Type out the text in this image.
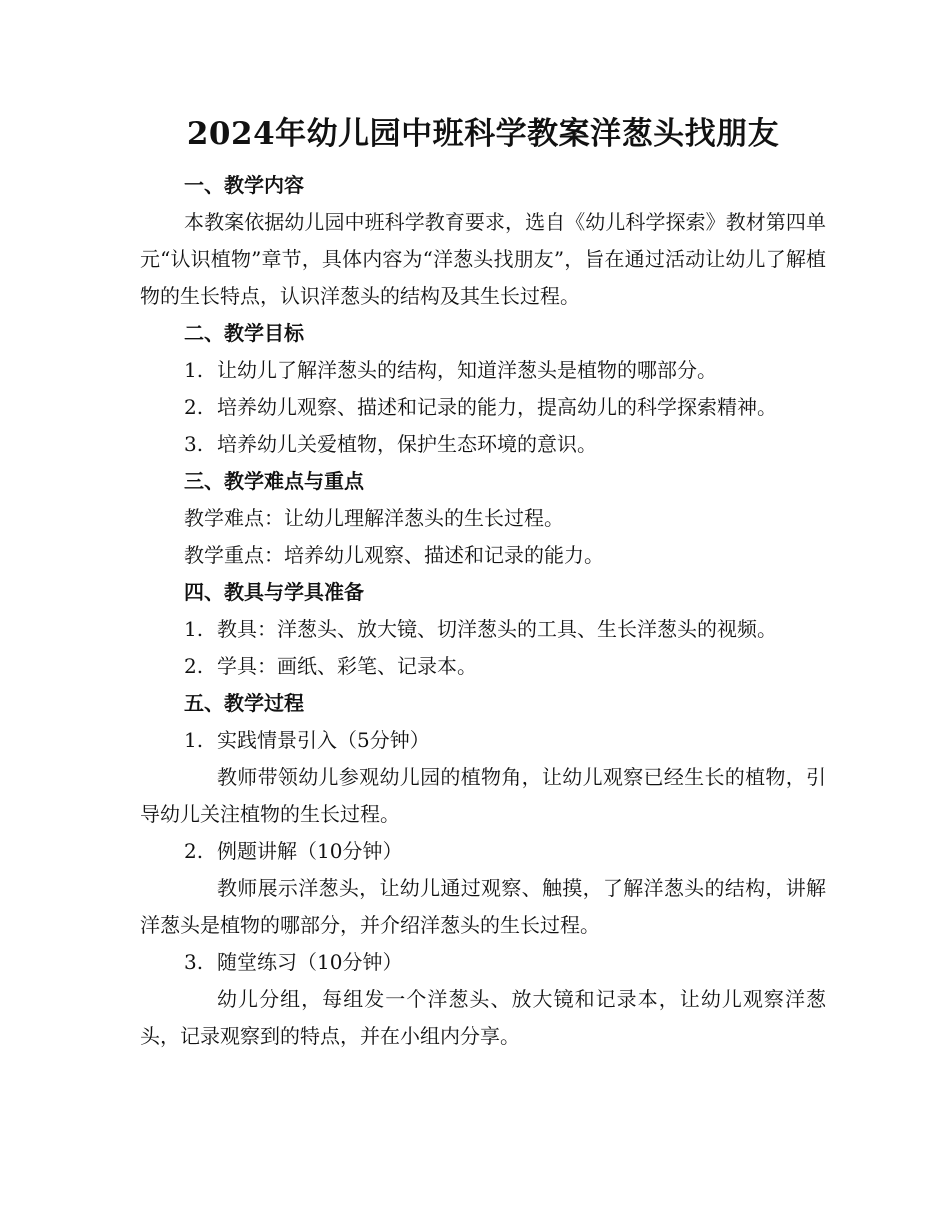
2024年幼儿园中班科学教案洋葱头找朋友

一、教学内容

本教案依据幼儿园中班科学教育要求，选自《幼儿科学探索》教材第四单元“认识植物”章节，具体内容为“洋葱头找朋友”，旨在通过活动让幼儿了解植物的生长特点，认识洋葱头的结构及其生长过程。

二、教学目标

1. 让幼儿了解洋葱头的结构，知道洋葱头是植物的哪部分。

2. 培养幼儿观察、描述和记录的能力，提高幼儿的科学探索精神。

3. 培养幼儿关爱植物，保护生态环境的意识。

三、教学难点与重点

教学难点：让幼儿理解洋葱头的生长过程。

教学重点：培养幼儿观察、描述和记录的能力。

四、教具与学具准备

1. 教具：洋葱头、放大镜、切洋葱头的工具、生长洋葱头的视频。

2. 学具：画纸、彩笔、记录本。

五、教学过程

1. 实践情景引入（5分钟）

教师带领幼儿参观幼儿园的植物角，让幼儿观察已经生长的植物，引导幼儿关注植物的生长过程。

2. 例题讲解（10分钟）

教师展示洋葱头，让幼儿通过观察、触摸，了解洋葱头的结构，讲解洋葱头是植物的哪部分，并介绍洋葱头的生长过程。

3. 随堂练习（10分钟）

幼儿分组，每组发一个洋葱头、放大镜和记录本，让幼儿观察洋葱头，记录观察到的特点，并在小组内分享。
